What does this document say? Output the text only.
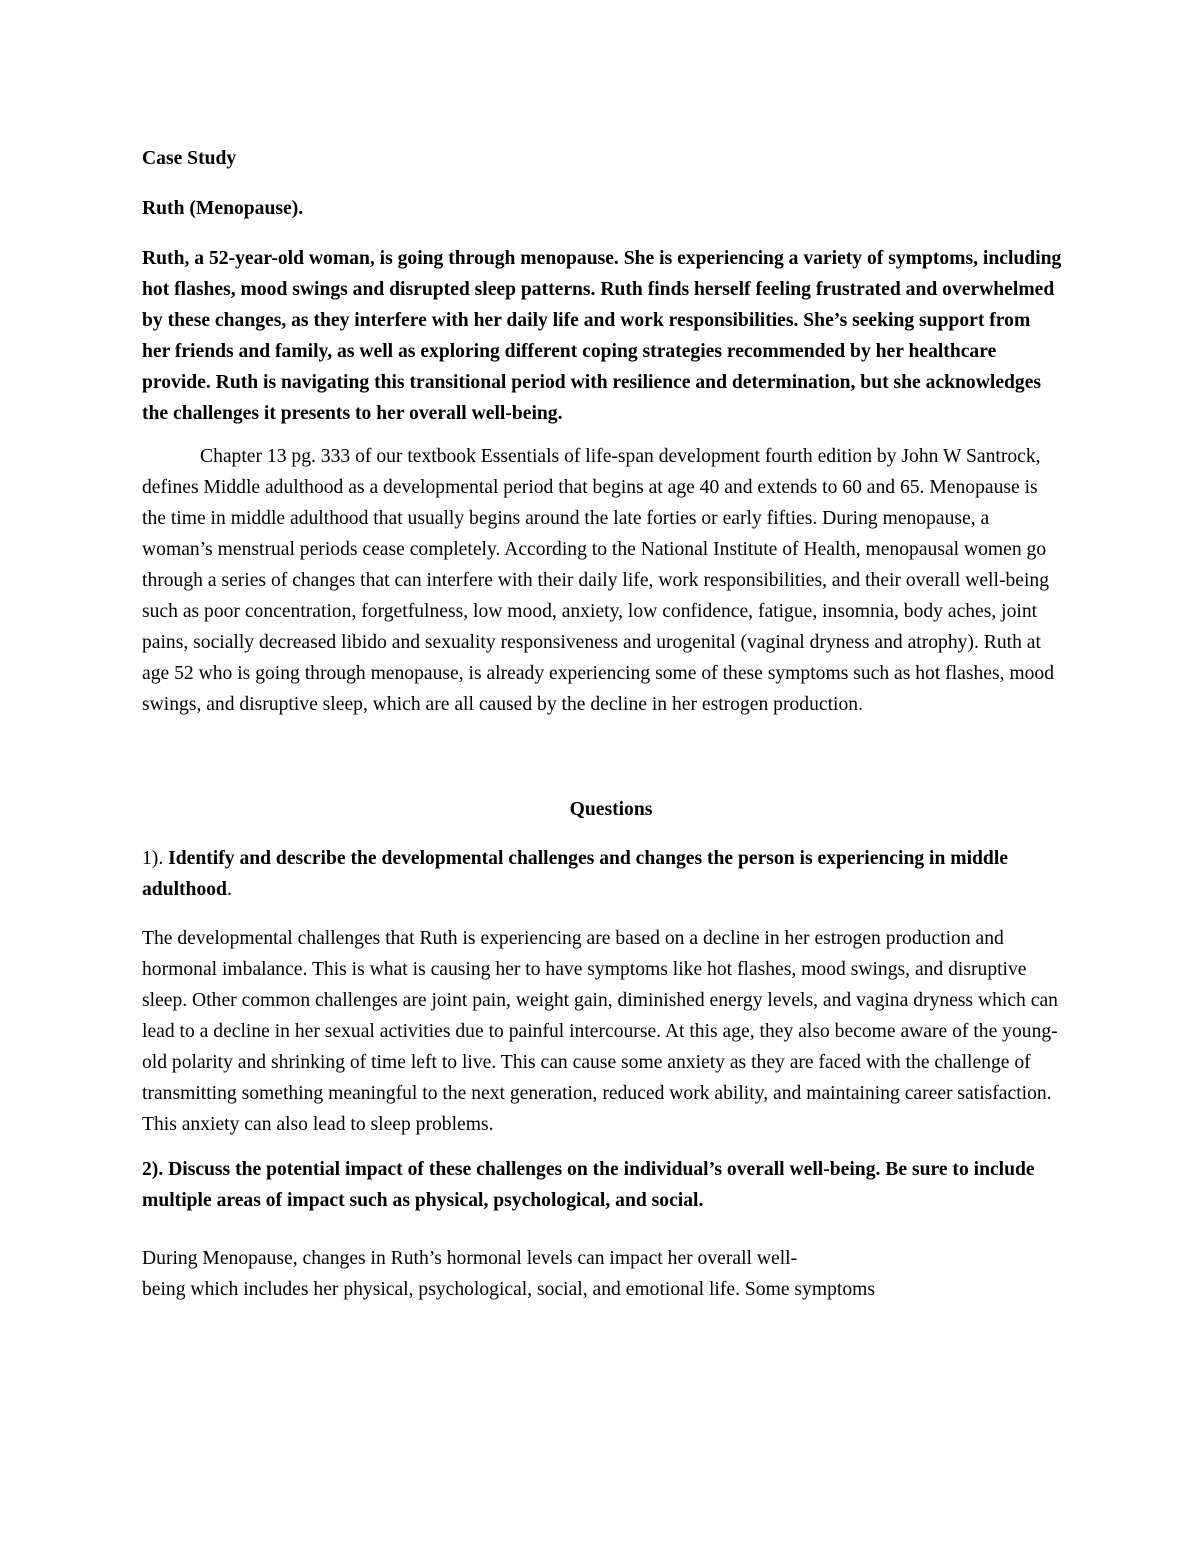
Case Study

Ruth (Menopause).

Ruth, a 52-year-old woman, is going through menopause. She is experiencing a variety of symptoms, including hot flashes, mood swings and disrupted sleep patterns. Ruth finds herself feeling frustrated and overwhelmed by these changes, as they interfere with her daily life and work responsibilities. She’s seeking support from her friends and family, as well as exploring different coping strategies recommended by her healthcare provide. Ruth is navigating this transitional period with resilience and determination, but she acknowledges the challenges it presents to her overall well-being.

Chapter 13 pg. 333 of our textbook Essentials of life-span development fourth edition by John W Santrock, defines Middle adulthood as a developmental period that begins at age 40 and extends to 60 and 65. Menopause is the time in middle adulthood that usually begins around the late forties or early fifties. During menopause, a woman’s menstrual periods cease completely. According to the National Institute of Health, menopausal women go through a series of changes that can interfere with their daily life, work responsibilities, and their overall well-being such as poor concentration, forgetfulness, low mood, anxiety, low confidence, fatigue, insomnia, body aches, joint pains, socially decreased libido and sexuality responsiveness and urogenital (vaginal dryness and atrophy). Ruth at age 52 who is going through menopause, is already experiencing some of these symptoms such as hot flashes, mood swings, and disruptive sleep, which are all caused by the decline in her estrogen production.

Questions

1). Identify and describe the developmental challenges and changes the person is experiencing in middle adulthood.

The developmental challenges that Ruth is experiencing are based on a decline in her estrogen production and hormonal imbalance. This is what is causing her to have symptoms like hot flashes, mood swings, and disruptive sleep. Other common challenges are joint pain, weight gain, diminished energy levels, and vagina dryness which can lead to a decline in her sexual activities due to painful intercourse. At this age, they also become aware of the young-old polarity and shrinking of time left to live. This can cause some anxiety as they are faced with the challenge of transmitting something meaningful to the next generation, reduced work ability, and maintaining career satisfaction. This anxiety can also lead to sleep problems.

2). Discuss the potential impact of these challenges on the individual’s overall well-being. Be sure to include multiple areas of impact such as physical, psychological, and social.

During Menopause, changes in Ruth’s hormonal levels can impact her overall well-
being which includes her physical, psychological, social, and emotional life. Some symptoms
